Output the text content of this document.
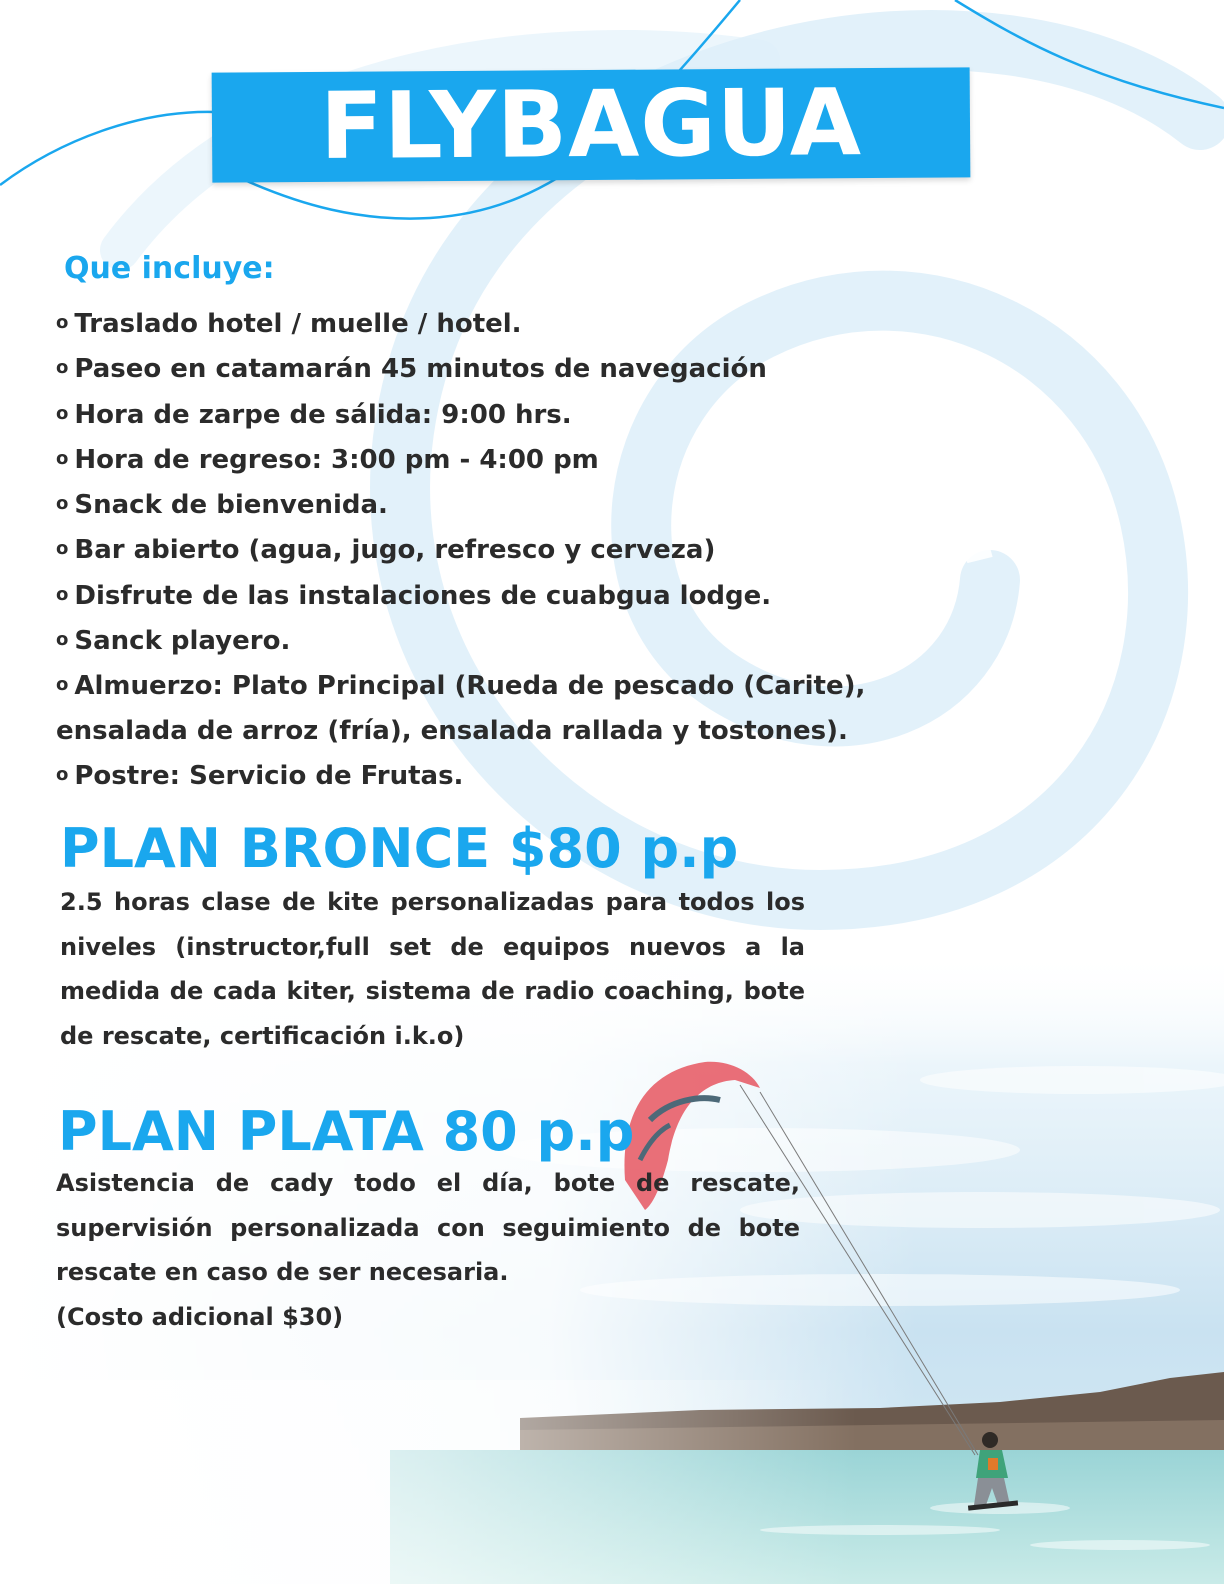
FLYBAGUA
Que incluye:
o Traslado hotel / muelle / hotel.
o Paseo en catamarán 45 minutos de navegación
o Hora de zarpe de sálida: 9:00 hrs.
o Hora de regreso: 3:00 pm - 4:00 pm
o Snack de bienvenida.
o Bar abierto (agua, jugo, refresco y cerveza)
o Disfrute de las instalaciones de cuabgua lodge.
o Sanck playero.
o Almuerzo: Plato Principal (Rueda de pescado (Carite),
ensalada de arroz (fría), ensalada rallada y tostones).
o Postre: Servicio de Frutas.
PLAN BRONCE $80 p.p

2.5 horas clase de kite personalizadas para todos los niveles (instructor,full set de equipos nuevos a la medida de cada kiter, sistema de radio coaching, bote de rescate, certificación i.k.o)

PLAN PLATA 80 p.p

Asistencia de cady todo el día, bote de rescate, supervisión personalizada con seguimiento de bote rescate en caso de ser necesaria.

(Costo adicional $30)
